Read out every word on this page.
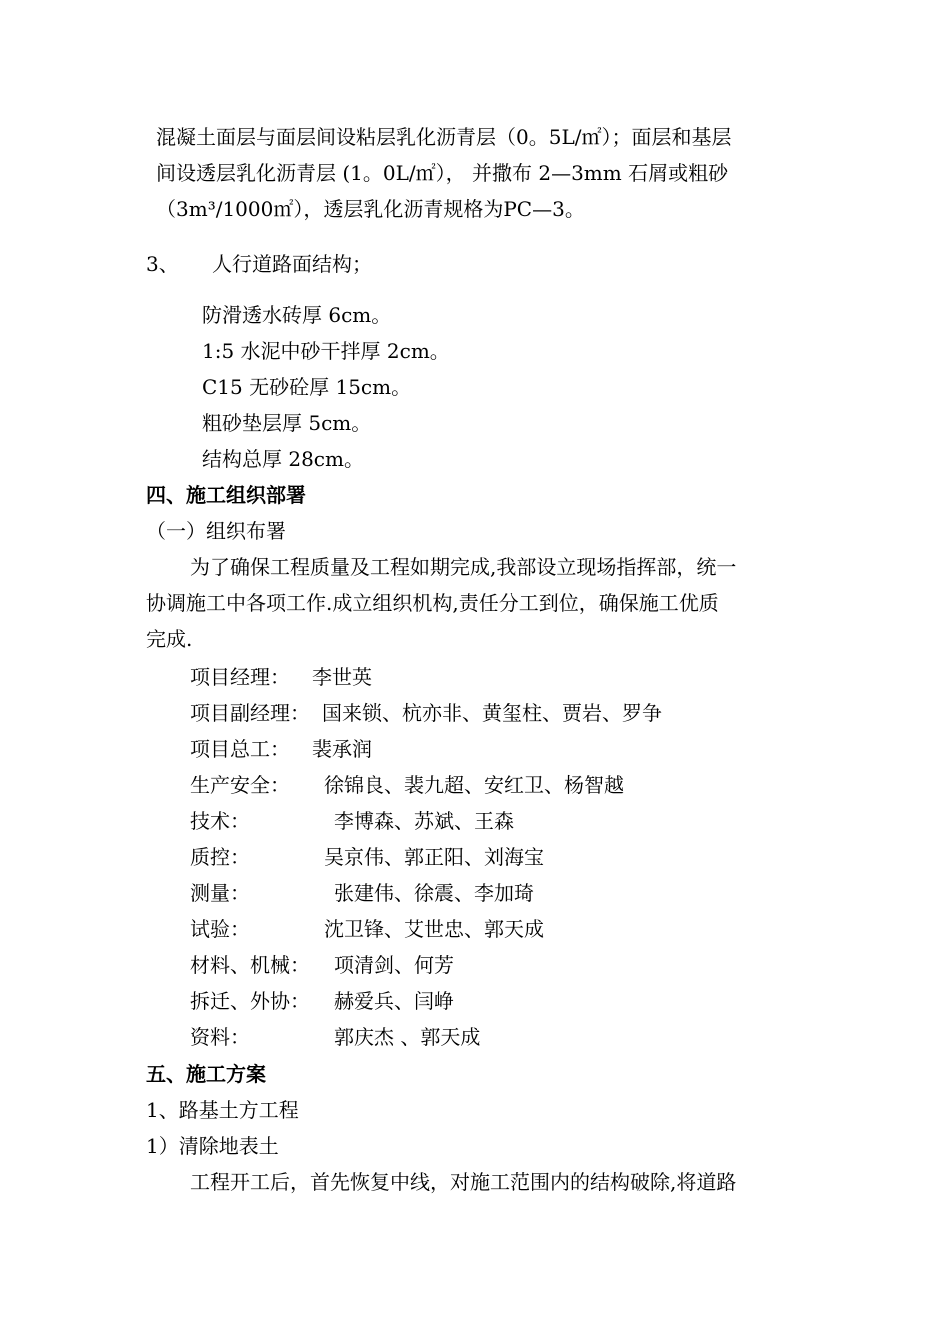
混凝土面层与面层间设粘层乳化沥青层（0。5L/㎡）；面层和基层
间设透层乳化沥青层 (1。0L/㎡）， 并撒布 2—3mm 石屑或粗砂
（3m³/1000㎡），透层乳化沥青规格为PC—3。
3、 人行道路面结构；
防滑透水砖厚 6cm。
1:5 水泥中砂干拌厚 2cm。
C15 无砂砼厚 15cm。
粗砂垫层厚 5cm。
结构总厚 28cm。
四、施工组织部署
（一）组织布署
为了确保工程质量及工程如期完成,我部设立现场指挥部，统一
协调施工中各项工作.成立组织机构,责任分工到位，确保施工优质
完成.
项目经理： 李世英
项目副经理： 国来锁、杭亦非、黄玺柱、贾岩、罗争
项目总工： 裴承润
生产安全： 徐锦良、裴九超、安红卫、杨智越
技术：	李博森、苏斌、王森
质控：	吴京伟、郭正阳、刘海宝
测量：	张建伟、徐震、李加琦
试验：	沈卫锋、艾世忠、郭天成
材料、机械： 项清剑、何芳
拆迁、外协： 赫爱兵、闫峥
资料：	郭庆杰 、郭天成
五、施工方案
1、路基土方工程
1）清除地表土
工程开工后，首先恢复中线，对施工范围内的结构破除,将道路
